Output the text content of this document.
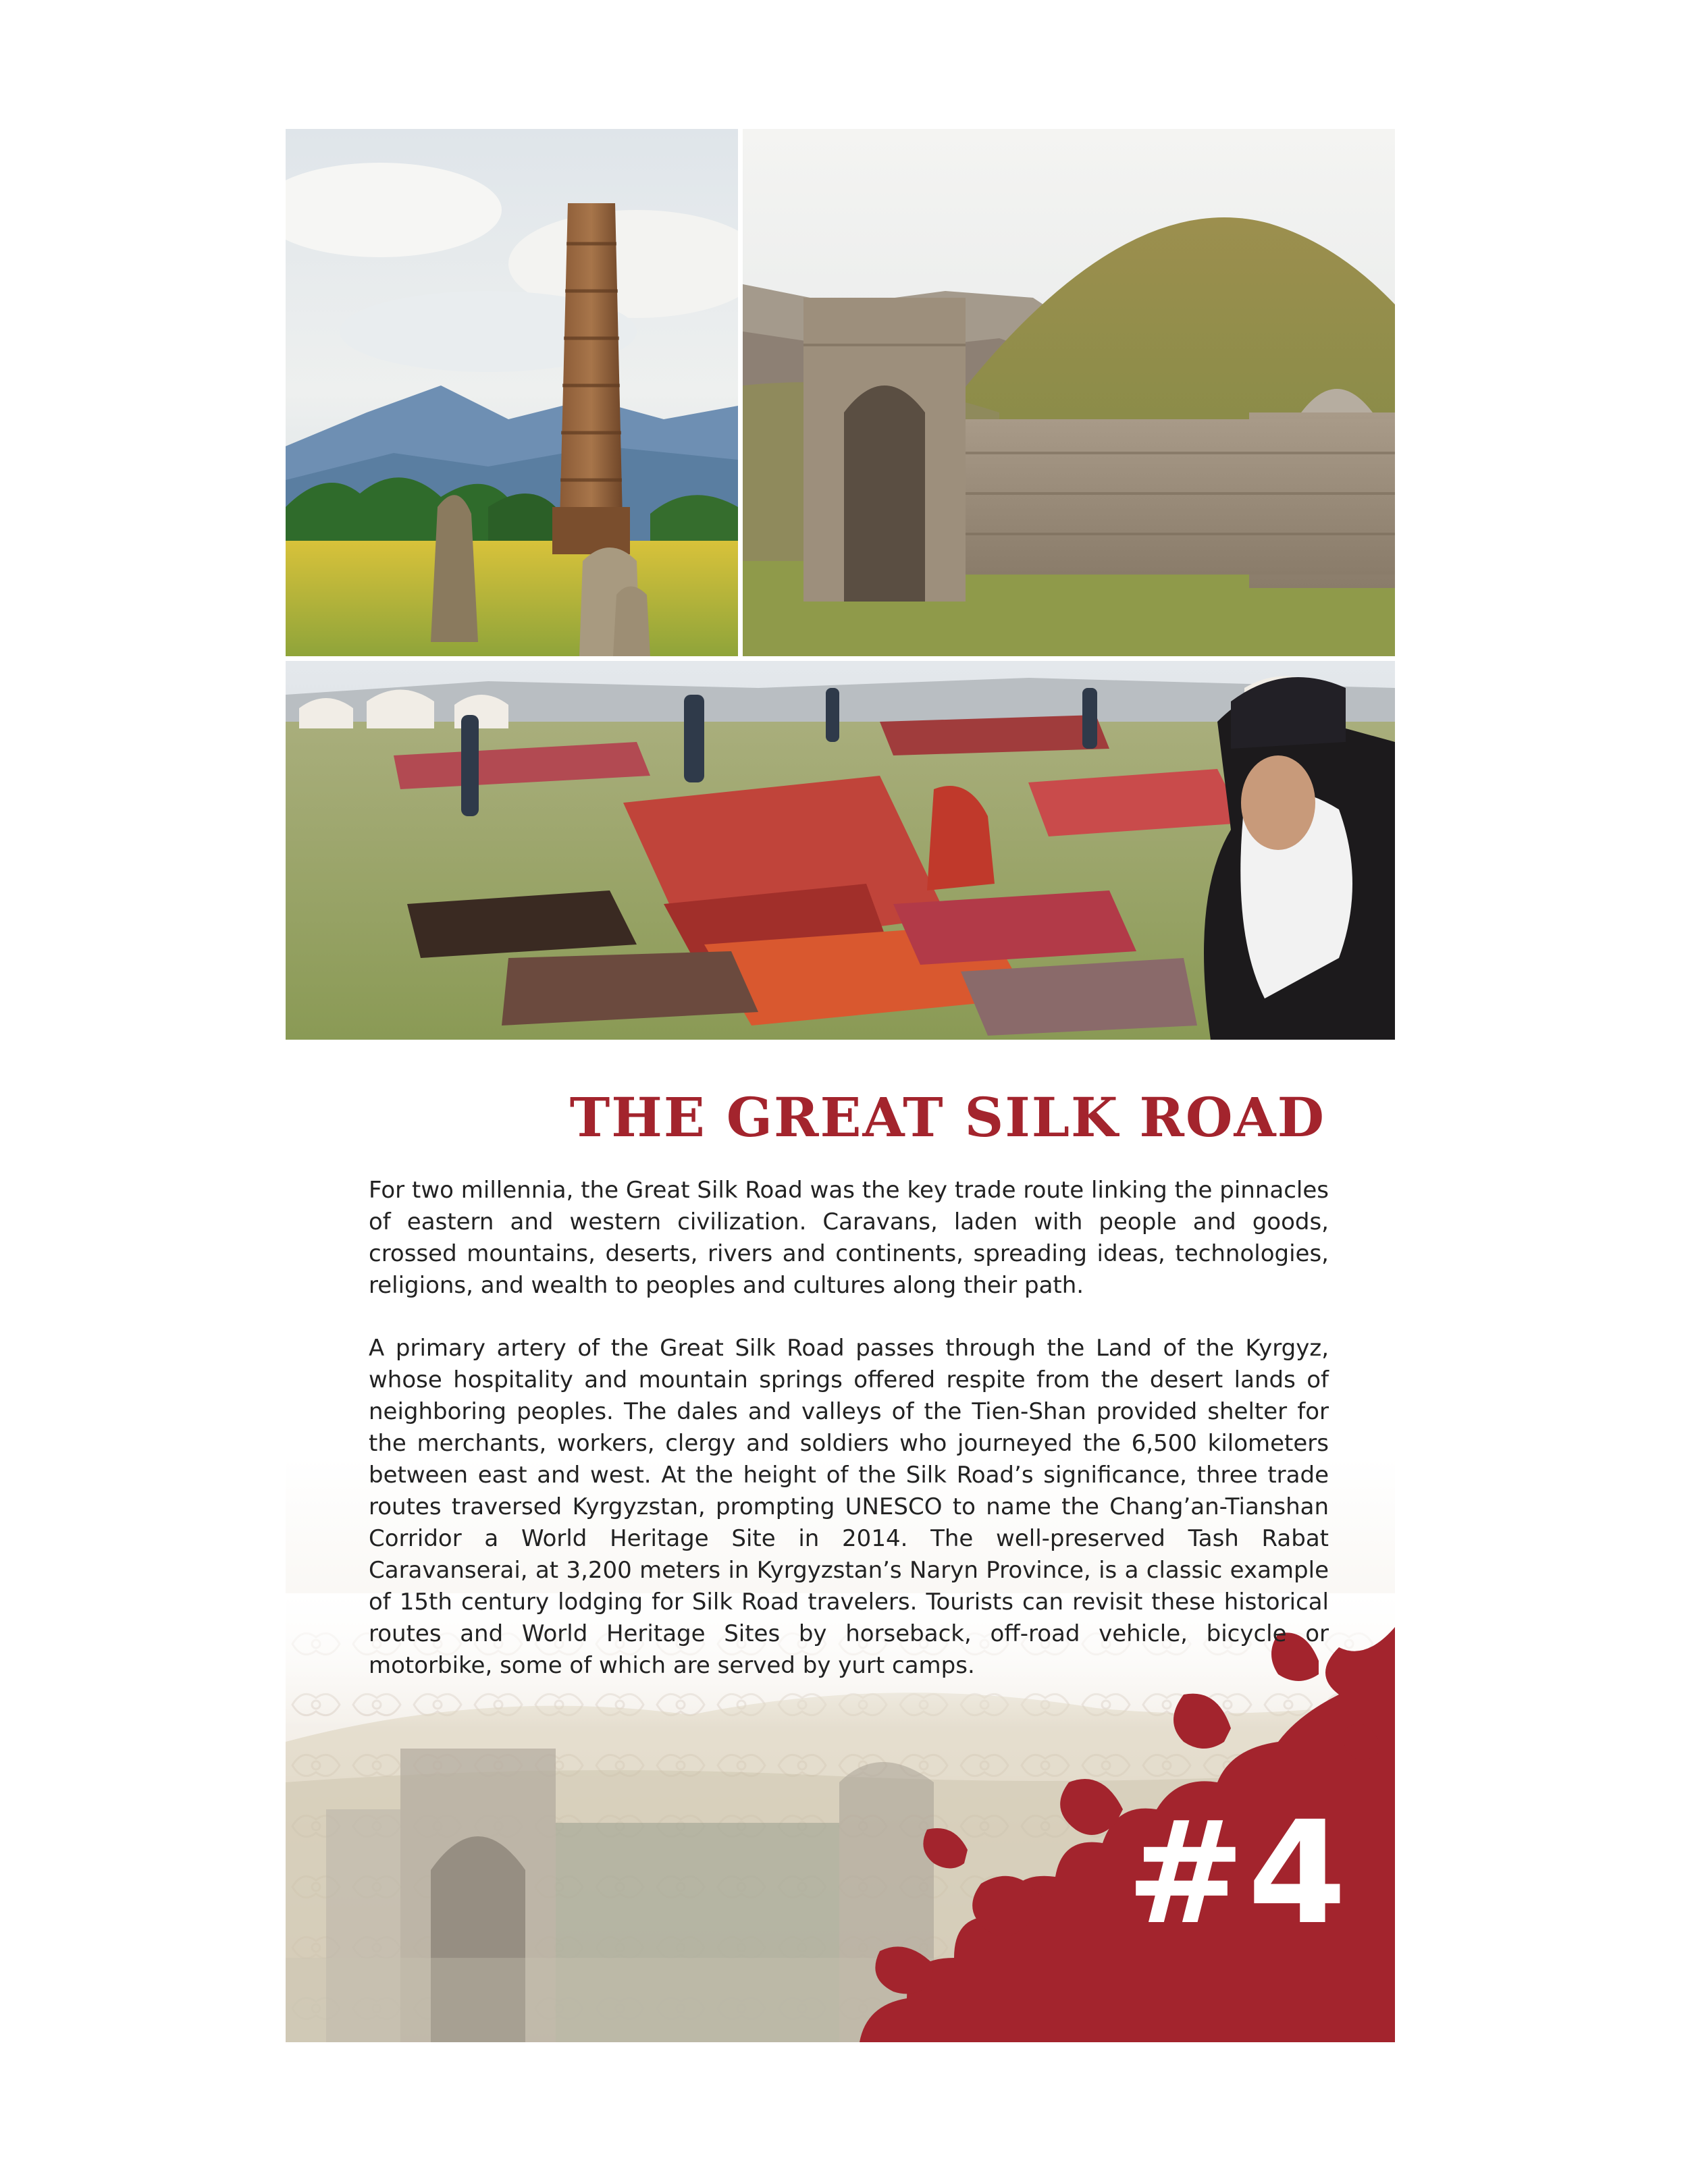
THE GREAT SILK ROAD

For two millennia, the Great Silk Road was the key trade route linking the pinnacles of eastern and western civilization. Caravans, laden with people and goods, crossed mountains, deserts, rivers and continents, spreading ideas, technologies, religions, and wealth to peoples and cultures along their path.

A primary artery of the Great Silk Road passes through the Land of the Kyrgyz, whose hospitality and mountain springs offered respite from the desert lands of neighboring peoples. The dales and valleys of the Tien-Shan provided shelter for the merchants, workers, clergy and soldiers who journeyed the 6,500 kilometers between east and west. At the height of the Silk Road’s significance, three trade routes traversed Kyrgyzstan, prompting UNESCO to name the Chang’an-Tianshan Corridor a World Heritage Site in 2014. The well-preserved Tash Rabat Caravanserai, at 3,200 meters in Kyrgyzstan’s Naryn Province, is a classic example of 15th century lodging for Silk Road travelers. Tourists can revisit these historical routes and World Heritage Sites by horseback, off-road vehicle, bicycle or motorbike, some of which are served by yurt camps.

#4
